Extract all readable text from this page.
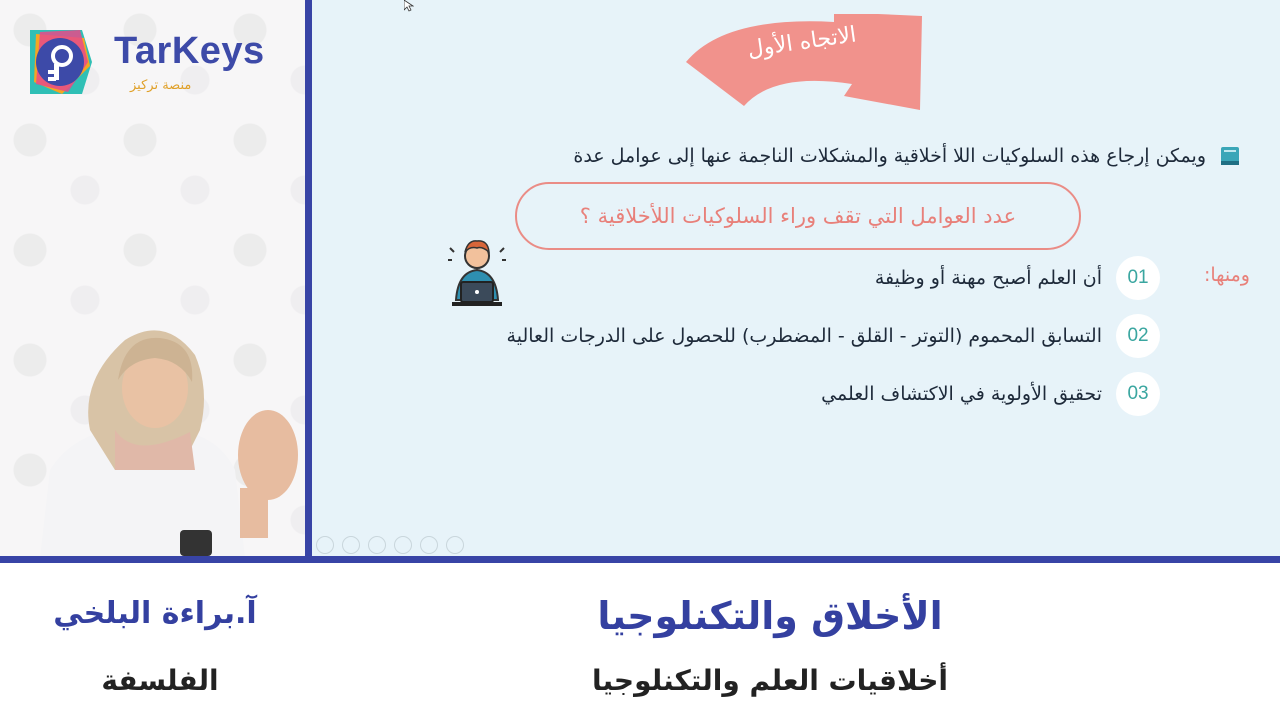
TarKeys
منصة تركيز
الاتجاه الأول
ويمكن إرجاع هذه السلوكيات اللا أخلاقية والمشكلات الناجمة عنها إلى عوامل عدة
عدد العوامل التي تقف وراء السلوكيات اللأخلاقية ؟
ومنها:
01
أن العلم أصبح مهنة أو وظيفة
02
التسابق المحموم (التوتر - القلق - المضطرب) للحصول على الدرجات العالية
03
تحقيق الأولوية في الاكتشاف العلمي
آ.براءة البلخي
الفلسفة
الأخلاق والتكنلوجيا
أخلاقيات العلم والتكنلوجيا
